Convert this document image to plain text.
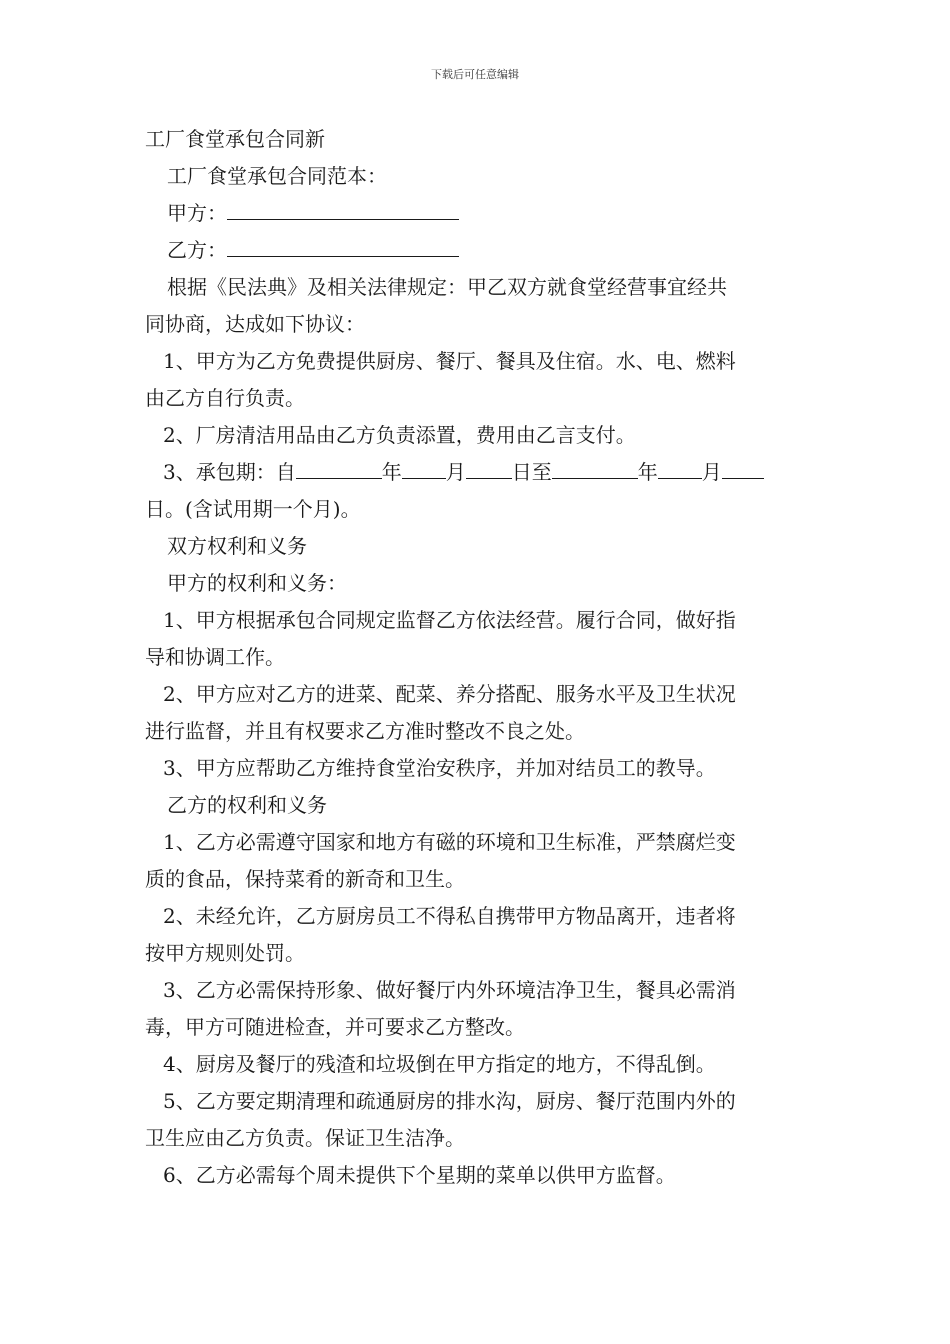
下载后可任意编辑
工厂食堂承包合同新
工厂食堂承包合同范本：
甲方：
乙方：
根据《民法典》及相关法律规定：甲乙双方就食堂经营事宜经共
同协商，达成如下协议：
1、甲方为乙方免费提供厨房、餐厅、餐具及住宿。水、电、燃料
由乙方自行负责。
2、厂房清洁用品由乙方负责添置，费用由乙言支付。
3、承包期：自	年 月 日至	年 月
日。(含试用期一个月)。
双方权利和义务
甲方的权利和义务：
1、甲方根据承包合同规定监督乙方依法经营。履行合同，做好指
导和协调工作。
2、甲方应对乙方的进菜、配菜、养分搭配、服务水平及卫生状况
进行监督，并且有权要求乙方准时整改不良之处。
3、甲方应帮助乙方维持食堂治安秩序，并加对结员工的教导。
乙方的权利和义务
1、乙方必需遵守国家和地方有磁的环境和卫生标准，严禁腐烂变
质的食品，保持菜肴的新奇和卫生。
2、未经允许，乙方厨房员工不得私自携带甲方物品离开，违者将
按甲方规则处罚。
3、乙方必需保持形象、做好餐厅内外环境洁净卫生，餐具必需消
毒，甲方可随进检查，并可要求乙方整改。
4、厨房及餐厅的残渣和垃圾倒在甲方指定的地方，不得乱倒。
5、乙方要定期清理和疏通厨房的排水沟，厨房、餐厅范围内外的
卫生应由乙方负责。保证卫生洁净。
6、乙方必需每个周未提供下个星期的菜单以供甲方监督。
